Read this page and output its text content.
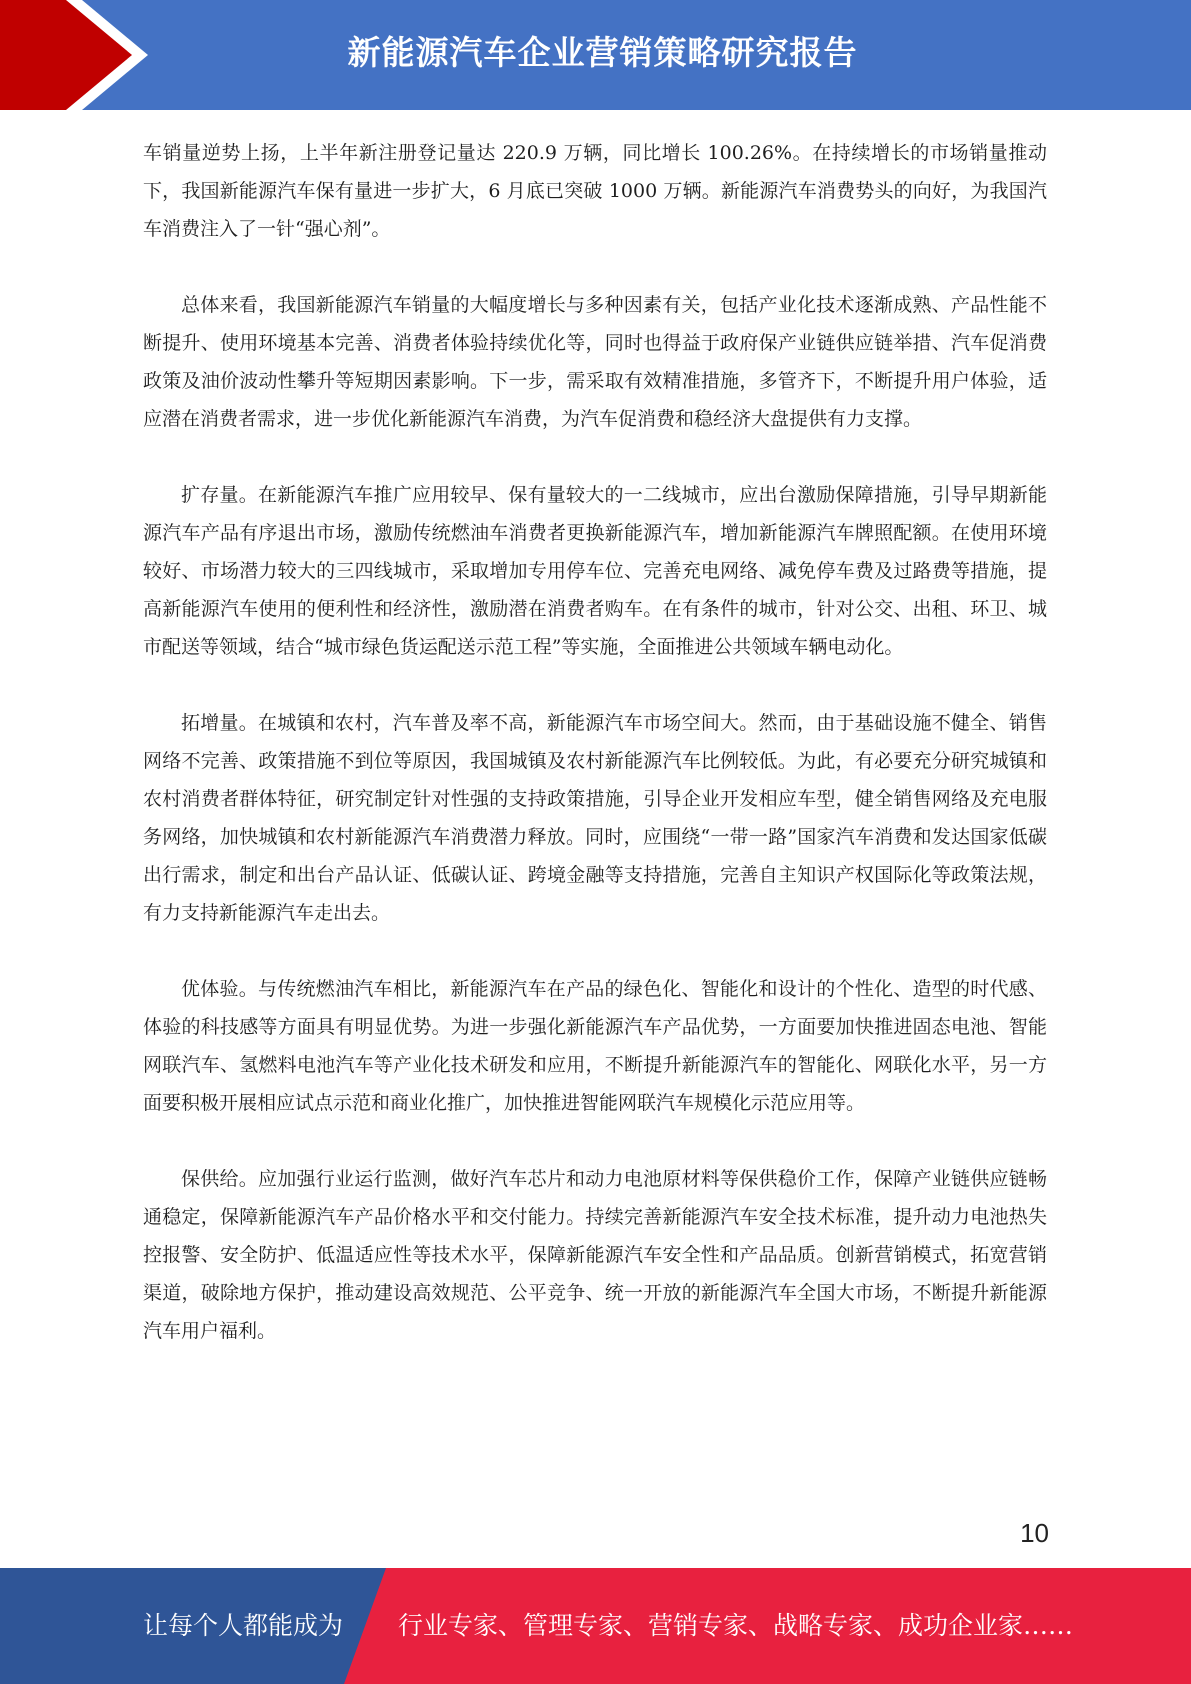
新能源汽车企业营销策略研究报告

车销量逆势上扬，上半年新注册登记量达 220.9 万辆，同比增长 100.26%。在持续增长的市场销量推动下，我国新能源汽车保有量进一步扩大，6 月底已突破 1000 万辆。新能源汽车消费势头的向好，为我国汽车消费注入了一针“强心剂”。

总体来看，我国新能源汽车销量的大幅度增长与多种因素有关，包括产业化技术逐渐成熟、产品性能不断提升、使用环境基本完善、消费者体验持续优化等，同时也得益于政府保产业链供应链举措、汽车促消费政策及油价波动性攀升等短期因素影响。下一步，需采取有效精准措施，多管齐下，不断提升用户体验，适应潜在消费者需求，进一步优化新能源汽车消费，为汽车促消费和稳经济大盘提供有力支撑。

扩存量。在新能源汽车推广应用较早、保有量较大的一二线城市，应出台激励保障措施，引导早期新能源汽车产品有序退出市场，激励传统燃油车消费者更换新能源汽车，增加新能源汽车牌照配额。在使用环境较好、市场潜力较大的三四线城市，采取增加专用停车位、完善充电网络、减免停车费及过路费等措施，提高新能源汽车使用的便利性和经济性，激励潜在消费者购车。在有条件的城市，针对公交、出租、环卫、城市配送等领域，结合“城市绿色货运配送示范工程”等实施，全面推进公共领域车辆电动化。

拓增量。在城镇和农村，汽车普及率不高，新能源汽车市场空间大。然而，由于基础设施不健全、销售网络不完善、政策措施不到位等原因，我国城镇及农村新能源汽车比例较低。为此，有必要充分研究城镇和农村消费者群体特征，研究制定针对性强的支持政策措施，引导企业开发相应车型，健全销售网络及充电服务网络，加快城镇和农村新能源汽车消费潜力释放。同时，应围绕“一带一路”国家汽车消费和发达国家低碳出行需求，制定和出台产品认证、低碳认证、跨境金融等支持措施，完善自主知识产权国际化等政策法规，有力支持新能源汽车走出去。

优体验。与传统燃油汽车相比，新能源汽车在产品的绿色化、智能化和设计的个性化、造型的时代感、体验的科技感等方面具有明显优势。为进一步强化新能源汽车产品优势，一方面要加快推进固态电池、智能网联汽车、氢燃料电池汽车等产业化技术研发和应用，不断提升新能源汽车的智能化、网联化水平，另一方面要积极开展相应试点示范和商业化推广，加快推进智能网联汽车规模化示范应用等。

保供给。应加强行业运行监测，做好汽车芯片和动力电池原材料等保供稳价工作，保障产业链供应链畅通稳定，保障新能源汽车产品价格水平和交付能力。持续完善新能源汽车安全技术标准，提升动力电池热失控报警、安全防护、低温适应性等技术水平，保障新能源汽车安全性和产品品质。创新营销模式，拓宽营销渠道，破除地方保护，推动建设高效规范、公平竞争、统一开放的新能源汽车全国大市场，不断提升新能源汽车用户福利。

10
让每个人都能成为 行业专家、管理专家、营销专家、战略专家、成功企业家……
